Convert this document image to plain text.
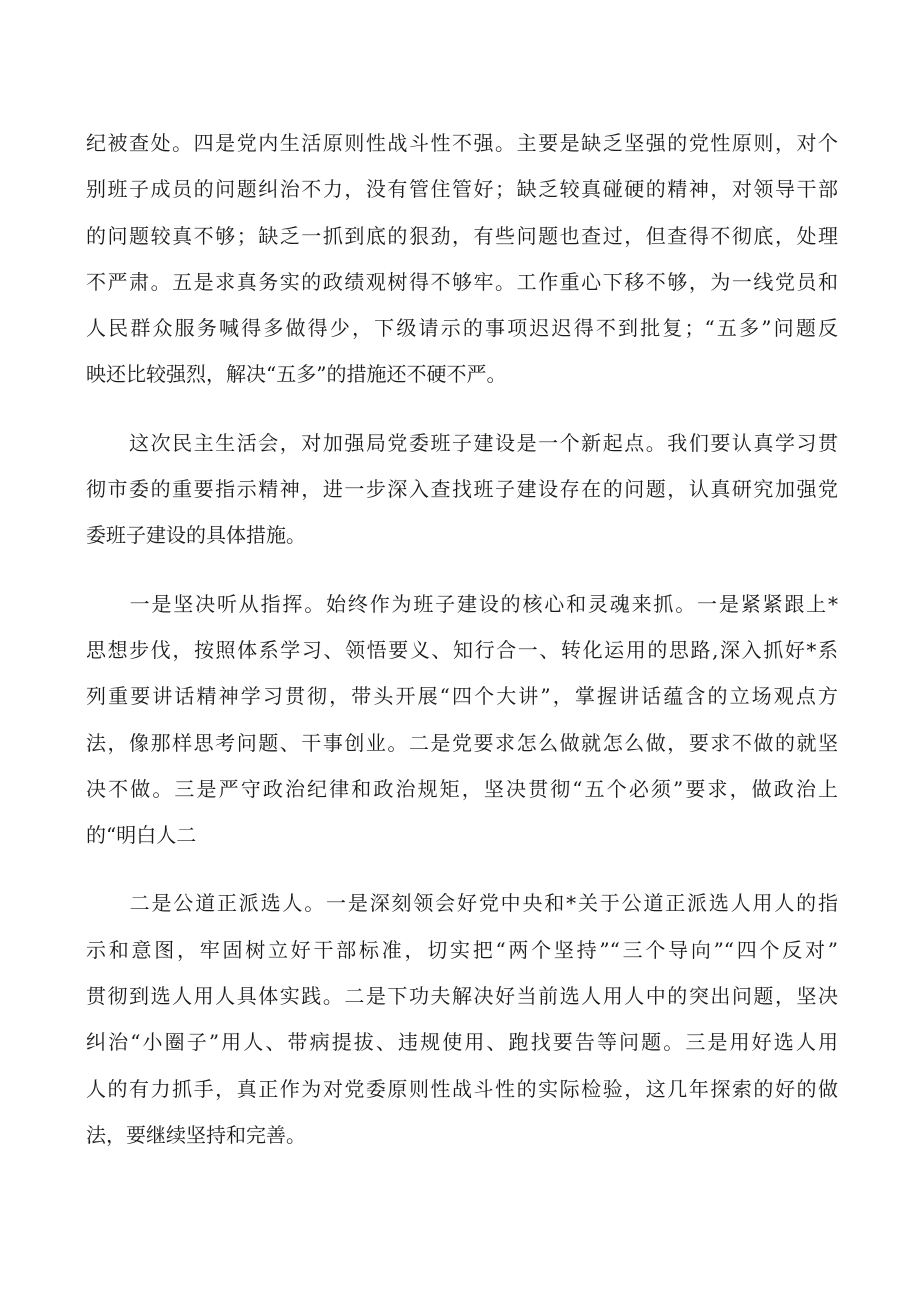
纪被查处。四是党内生活原则性战斗性不强。主要是缺乏坚强的党性原则，对个
别班子成员的问题纠治不力，没有管住管好；缺乏较真碰硬的精神，对领导干部
的问题较真不够；缺乏一抓到底的狠劲，有些问题也查过，但查得不彻底，处理
不严肃。五是求真务实的政绩观树得不够牢。工作重心下移不够，为一线党员和
人民群众服务喊得多做得少，下级请示的事项迟迟得不到批复；“五多”问题反
映还比较强烈，解决“五多”的措施还不硬不严。
　　这次民主生活会，对加强局党委班子建设是一个新起点。我们要认真学习贯
彻市委的重要指示精神，进一步深入查找班子建设存在的问题，认真研究加强党
委班子建设的具体措施。
　　一是坚决听从指挥。始终作为班子建设的核心和灵魂来抓。一是紧紧跟上*
思想步伐，按照体系学习、领悟要义、知行合一、转化运用的思路,深入抓好*系
列重要讲话精神学习贯彻，带头开展“四个大讲”，掌握讲话蕴含的立场观点方
法，像那样思考问题、干事创业。二是党要求怎么做就怎么做，要求不做的就坚
决不做。三是严守政治纪律和政治规矩，坚决贯彻“五个必须”要求，做政治上
的“明白人二
　　二是公道正派选人。一是深刻领会好党中央和*关于公道正派选人用人的指
示和意图，牢固树立好干部标准，切实把“两个坚持”“三个导向”“四个反对”
贯彻到选人用人具体实践。二是下功夫解决好当前选人用人中的突出问题，坚决
纠治“小圈子”用人、带病提拔、违规使用、跑找要告等问题。三是用好选人用
人的有力抓手，真正作为对党委原则性战斗性的实际检验，这几年探索的好的做
法，要继续坚持和完善。
